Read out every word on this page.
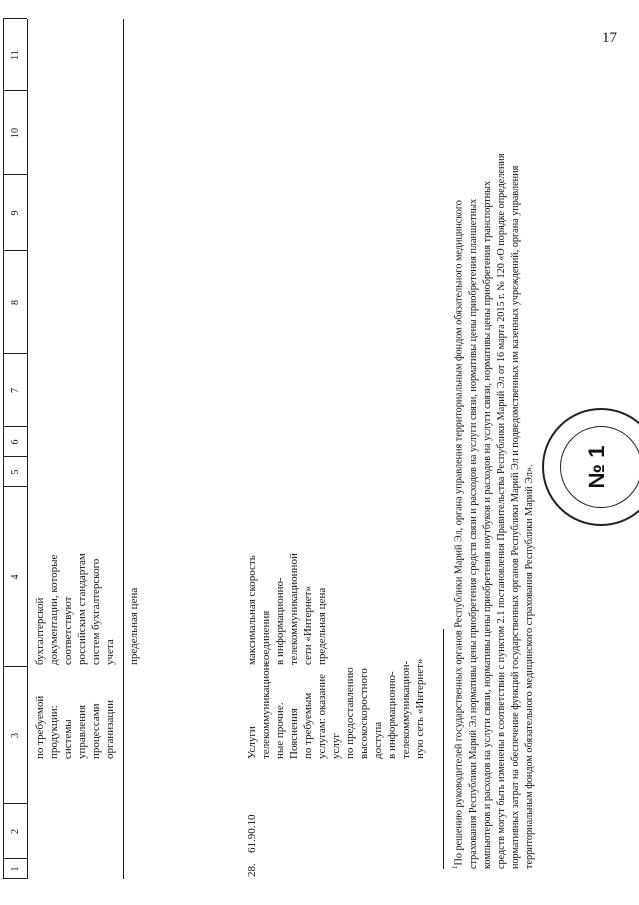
17
1
2
3
4
5
6
7
8
9
10
11
по требуемой продукции: системы управления процессами организации
бухгалтерской документации, которые соответствуют российским стандартам систем бухгалтерского учета предельная цена
28.
61.90.10
Услуги телекоммуникацион- ные прочие. Пояснения по требуемым услугам: оказание услуг по предоставлению высокоскоростного доступа в информационно- телекоммуникацион- ную сеть «Интернет»
максимальная скорость соединения в информационно- телекоммуникационной сети «Интернет» предельная цена
$^1$По решению руководителей государственных органов Республики Марий Эл, органа управления территориальным фондом обязательного медицинского страхования Республики Марий Эл нормативы цены приобретения средств связи и расходов на услуги связи, нормативы цены приобретения планшетных компьютеров и расходов на услуги связи, нормативы цены приобретения ноутбуков и расходов на услуги связи, нормативы цены приобретения транспортных средств могут быть изменены в соответствии с пунктом 2.1 постановления Правительства Республики Марий Эл от 16 марта 2015 г. № 120 «О порядке определения нормативных затрат на обеспечение функций государственных органов Республики Марий Эл и подведомственных им казенных учреждений, органа управления территориальным фондом обязательного медицинского страхования Республики Марий Эл». № 1
